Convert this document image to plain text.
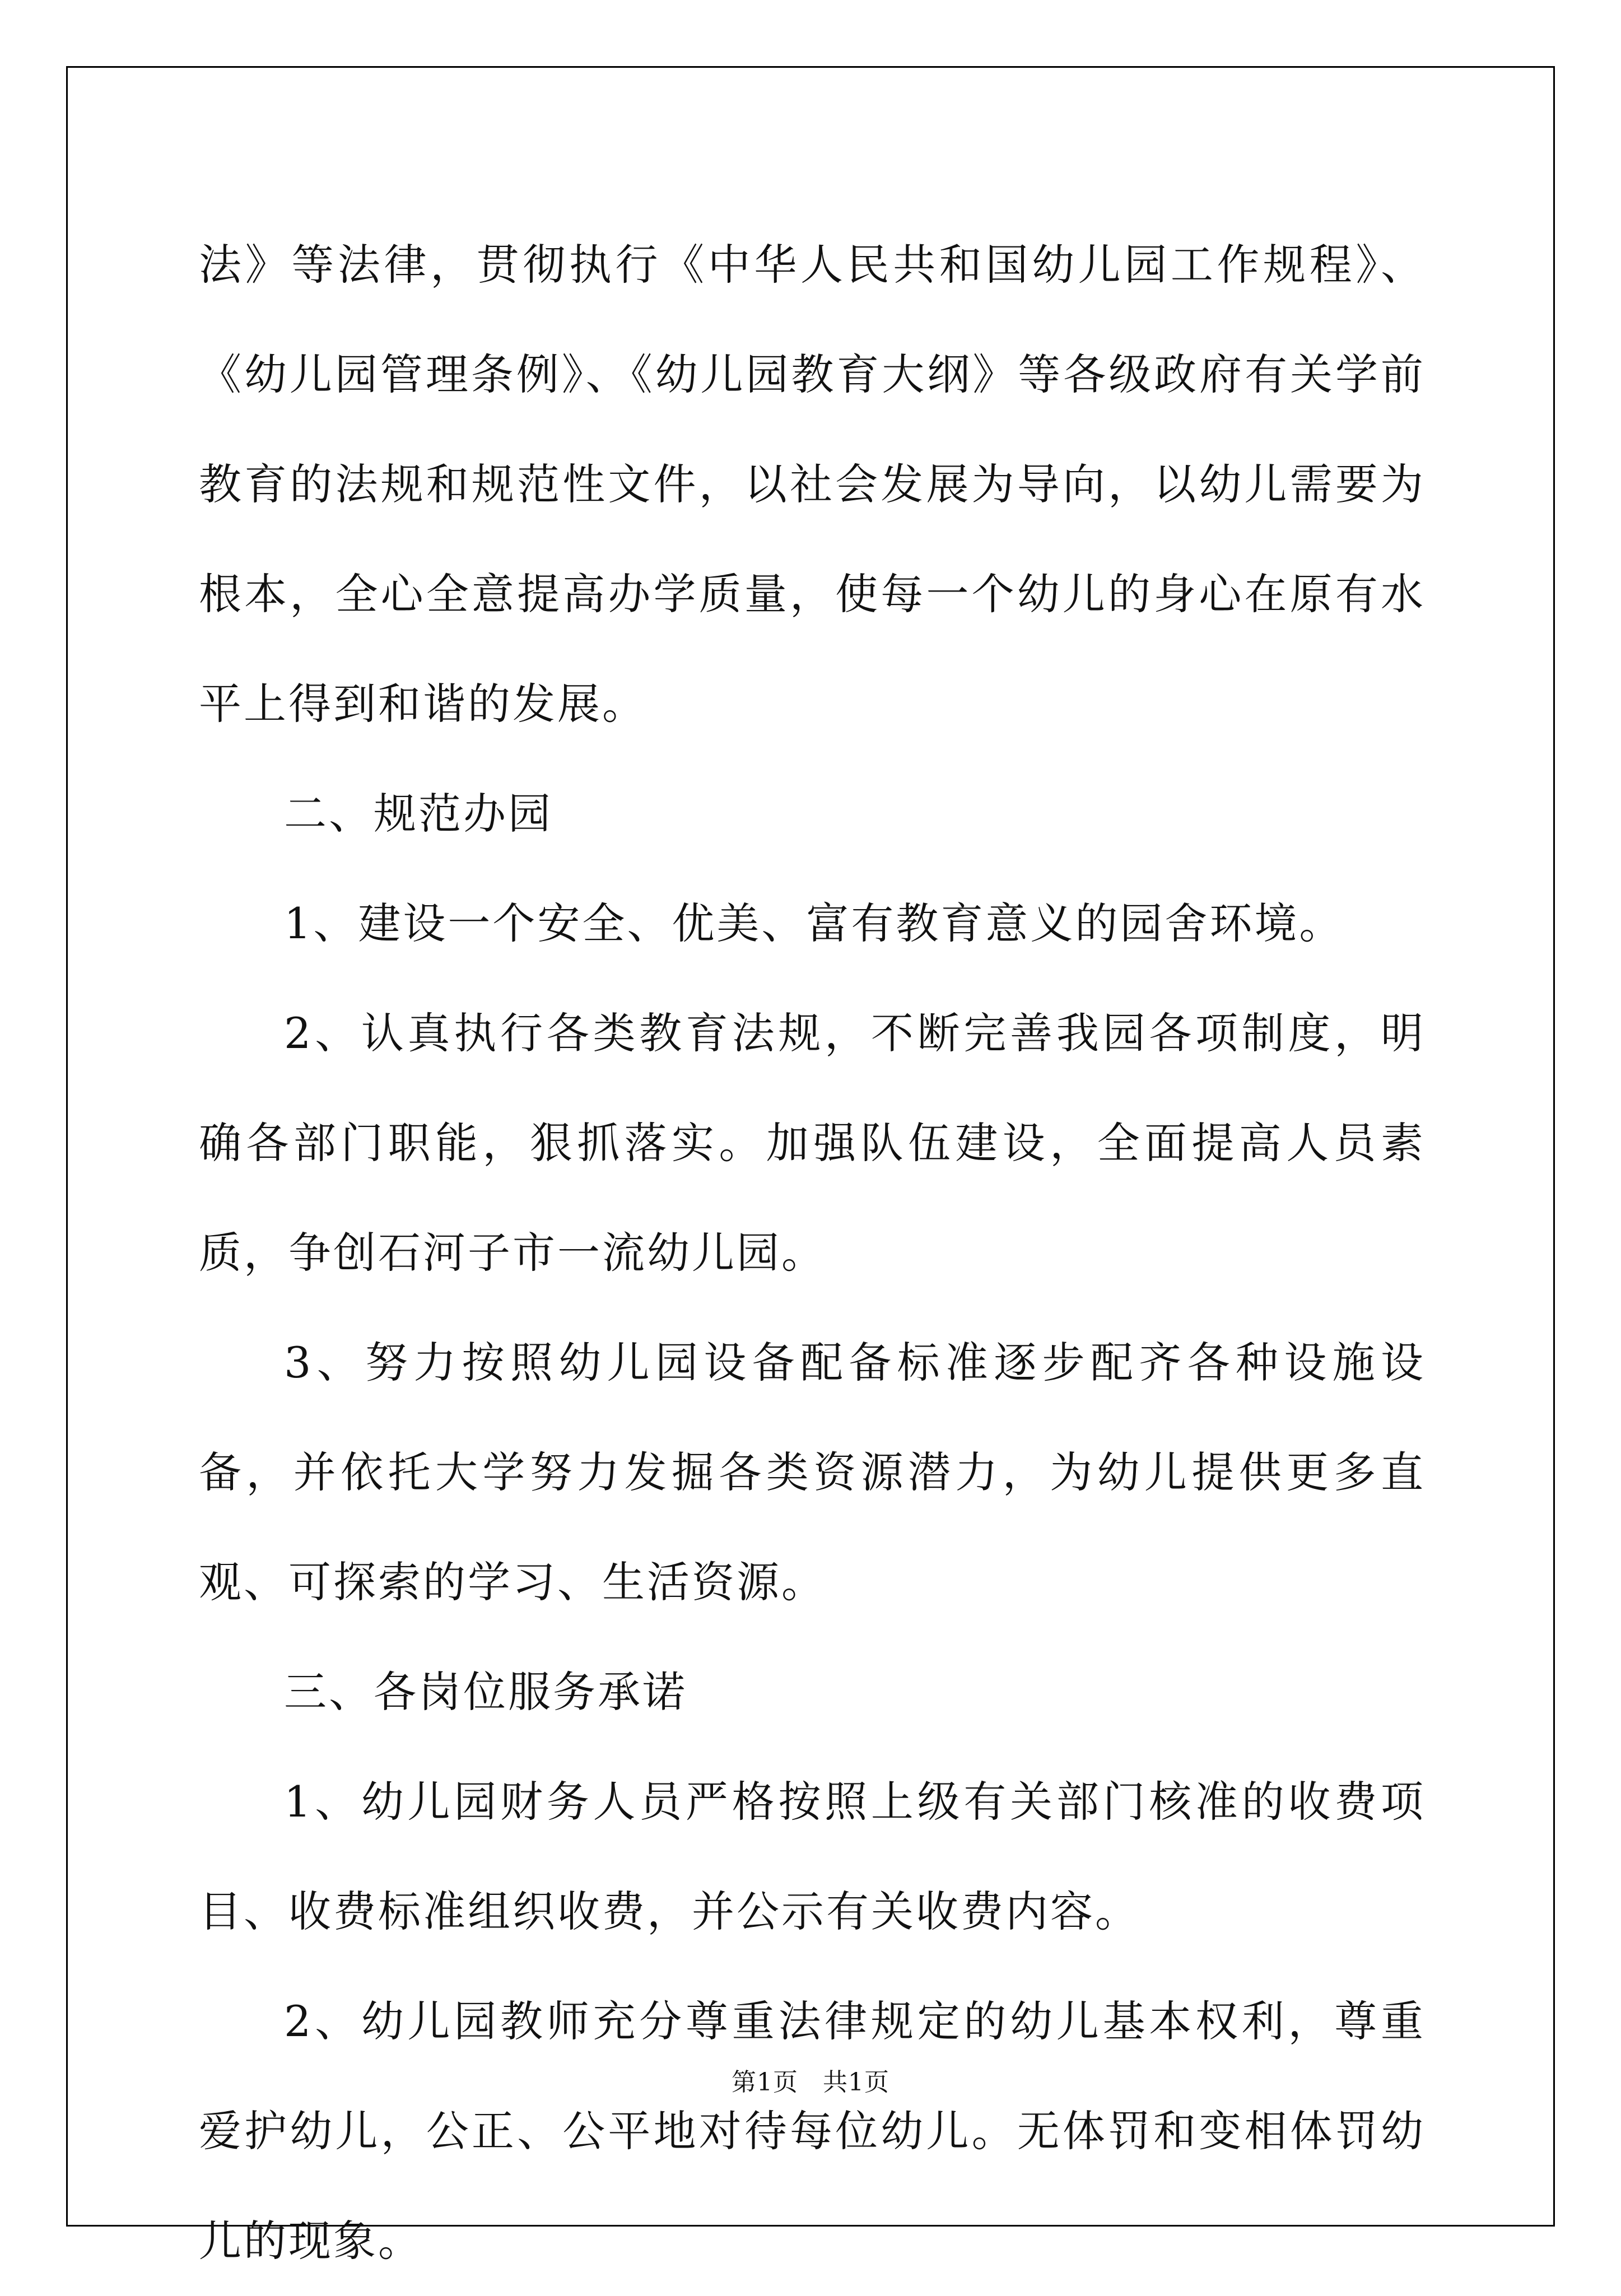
法》等法律，贯彻执行《中华人民共和国幼儿园工作规程》、《幼儿园管理条例》、《幼儿园教育大纲》等各级政府有关学前教育的法规和规范性文件，以社会发展为导向，以幼儿需要为根本，全心全意提高办学质量，使每一个幼儿的身心在原有水平上得到和谐的发展。

二、规范办园

1、建设一个安全、优美、富有教育意义的园舍环境。

2、认真执行各类教育法规，不断完善我园各项制度，明确各部门职能，狠抓落实。加强队伍建设，全面提高人员素质，争创石河子市一流幼儿园。

3、努力按照幼儿园设备配备标准逐步配齐各种设施设备，并依托大学努力发掘各类资源潜力，为幼儿提供更多直观、可探索的学习、生活资源。

三、各岗位服务承诺

1、幼儿园财务人员严格按照上级有关部门核准的收费项目、收费标准组织收费，并公示有关收费内容。

2、幼儿园教师充分尊重法律规定的幼儿基本权利，尊重爱护幼儿，公正、公平地对待每位幼儿。无体罚和变相体罚幼儿的现象。

第1页 共1页
